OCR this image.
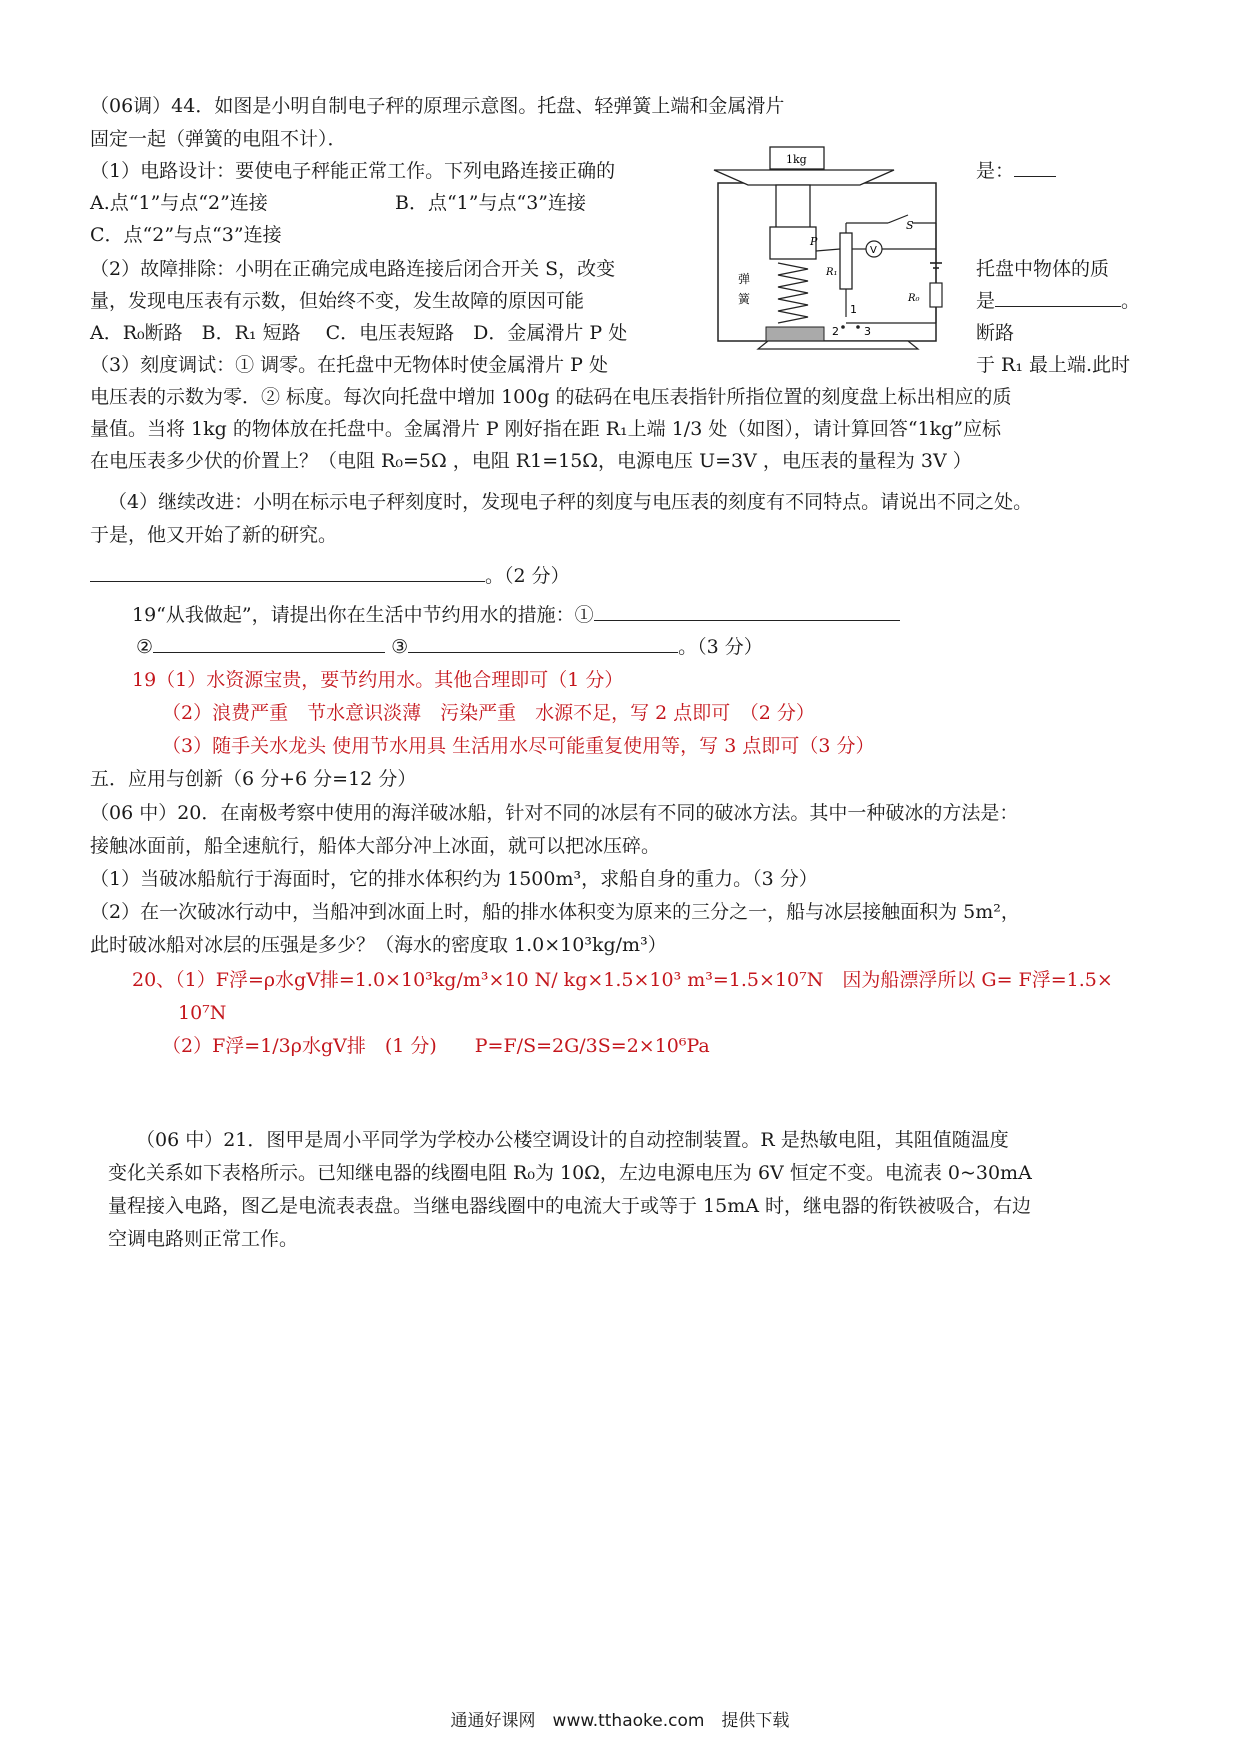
（06调）44．如图是小明自制电子秤的原理示意图。托盘、轻弹簧上端和金属滑片
固定一起（弹簧的电阻不计）．
（1）电路设计：要使电子秤能正常工作。下列电路连接正确的	是：
A.点“1”与点“2”连接	B．点“1”与点“3”连接
C．点“2”与点“3”连接
（2）故障排除：小明在正确完成电路连接后闭合开关 S，改变	托盘中物体的质
量，发现电压表有示数，但始终不变，发生故障的原因可能	是	。
A．R₀断路　B．R₁ 短路　 C．电压表短路　D．金属滑片 P 处	断路
（3）刻度调试：① 调零。在托盘中无物体时使金属滑片 P 处	于 R₁ 最上端.此时
电压表的示数为零．② 标度。每次向托盘中增加 100g 的砝码在电压表指针所指位置的刻度盘上标出相应的质
量值。当将 1kg 的物体放在托盘中。金属滑片 P 刚好指在距 R₁上端 1/3 处（如图），请计算回答“1kg”应标
在电压表多少伏的价置上？（电阻 R₀=5Ω ，电阻 R1=15Ω，电源电压 U=3V ，电压表的量程为 3V ）
（4）继续改进：小明在标示电子秤刻度时，发现电子秤的刻度与电压表的刻度有不同特点。请说出不同之处。
于是，他又开始了新的研究。
。（2 分）
1kg
弹
簧
P
R₁
S
V
R₀
1
2 3
19“从我做起”，请提出你在生活中节约用水的措施：①
②	③	。（3 分）
19（1）水资源宝贵，要节约用水。其他合理即可（1 分）
（2）浪费严重　节水意识淡薄　污染严重　水源不足，写 2 点即可　（2 分）
（3）随手关水龙头 使用节水用具 生活用水尽可能重复使用等，写 3 点即可（3 分）
五．应用与创新（6 分+6 分=12 分）
（06 中）20．在南极考察中使用的海洋破冰船，针对不同的冰层有不同的破冰方法。其中一种破冰的方法是：
接触冰面前，船全速航行，船体大部分冲上冰面，就可以把冰压碎。
（1）当破冰船航行于海面时，它的排水体积约为 1500m³，求船自身的重力。（3 分）
（2）在一次破冰行动中，当船冲到冰面上时，船的排水体积变为原来的三分之一，船与冰层接触面积为 5m²，
此时破冰船对冰层的压强是多少？（海水的密度取 1.0×10³kg/m³）
20、（1）F浮=ρ水gV排=1.0×10³kg/m³×10 N/ kg×1.5×10³ m³=1.5×10⁷N　因为船漂浮所以 G= F浮=1.5×
10⁷N
（2）F浮=1/3ρ水gV排　(1 分)　　P=F/S=2G/3S=2×10⁶Pa
（06 中）21．图甲是周小平同学为学校办公楼空调设计的自动控制装置。R 是热敏电阻，其阻值随温度
变化关系如下表格所示。已知继电器的线圈电阻 R₀为 10Ω，左边电源电压为 6V 恒定不变。电流表 0~30mA
量程接入电路，图乙是电流表表盘。当继电器线圈中的电流大于或等于 15mA 时，继电器的衔铁被吸合，右边
空调电路则正常工作。
通通好课网　www.tthaoke.com　提供下载
